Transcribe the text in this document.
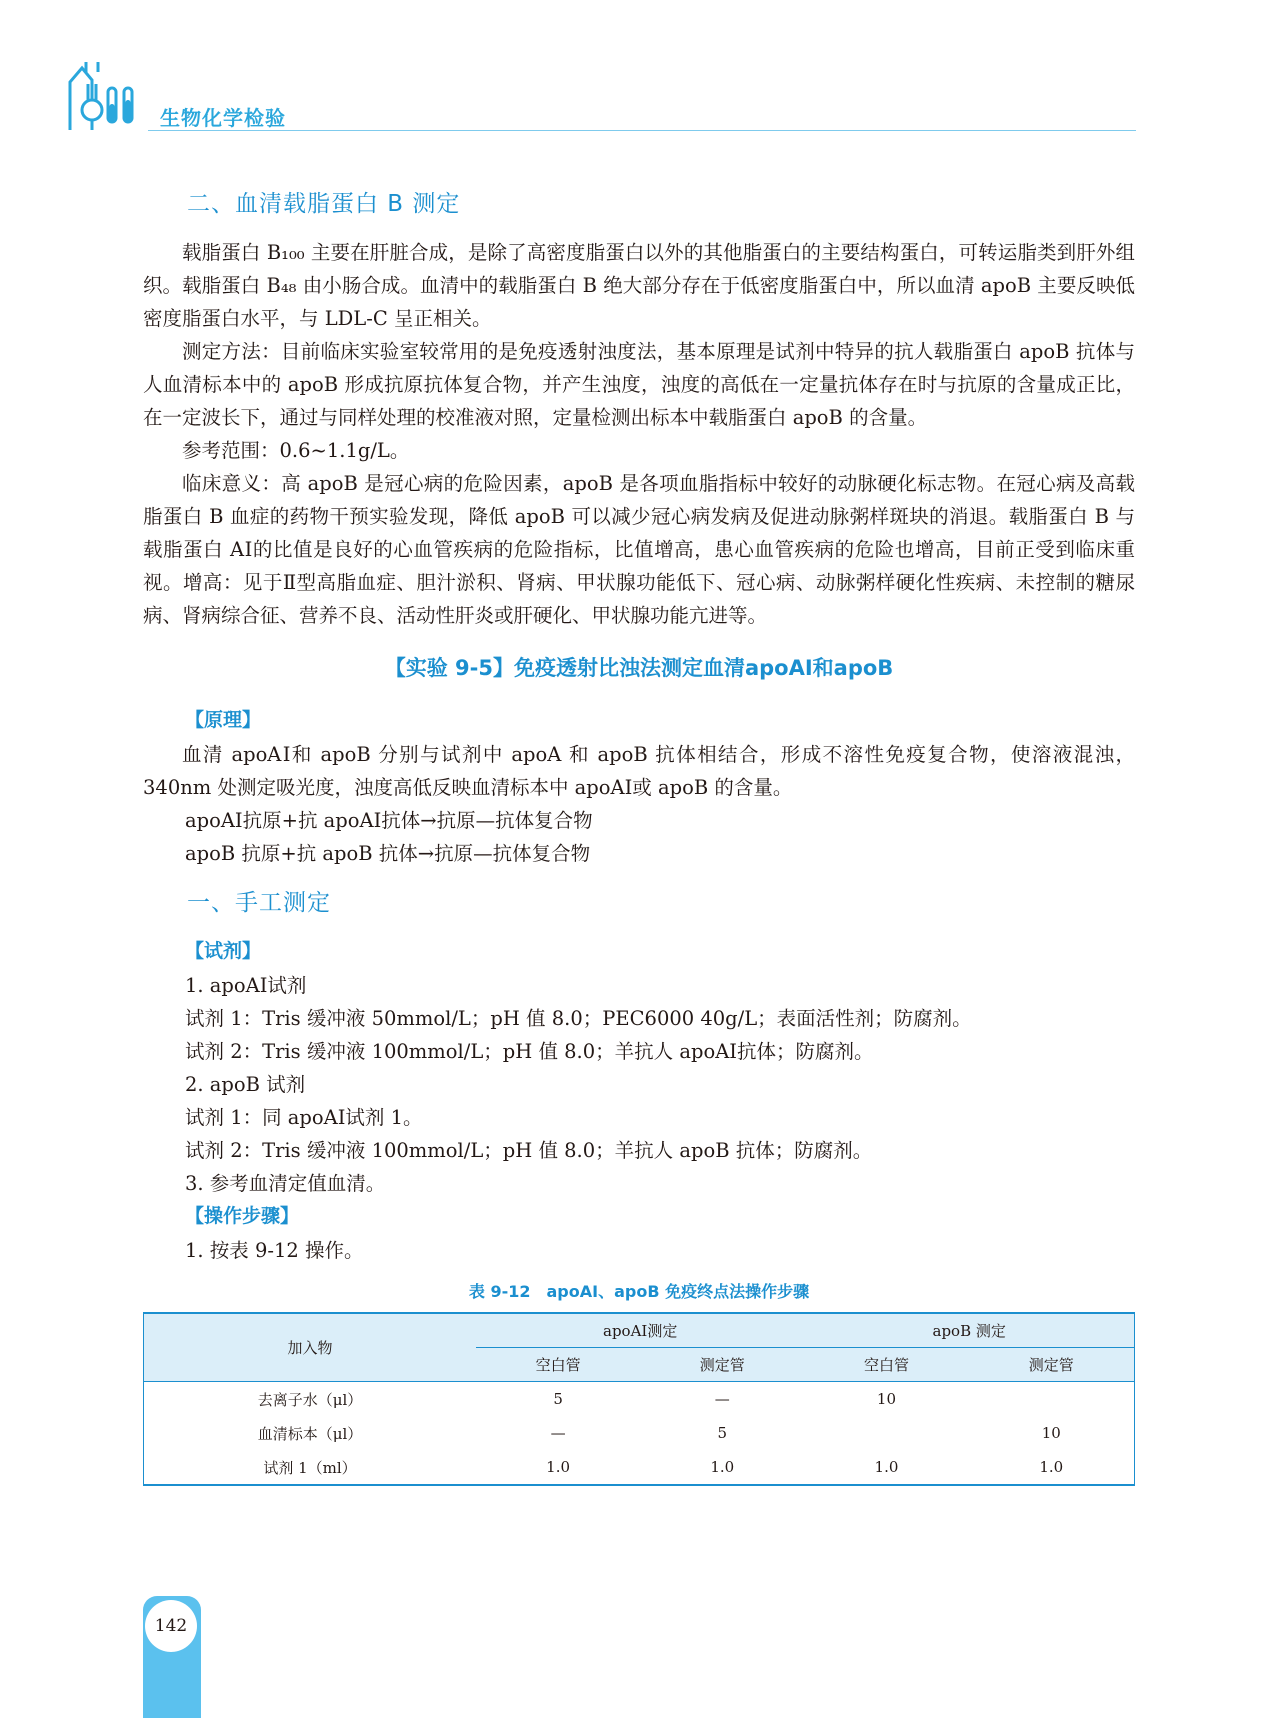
生物化学检验
二、血清载脂蛋白 B 测定

载脂蛋白 B₁₀₀ 主要在肝脏合成，是除了高密度脂蛋白以外的其他脂蛋白的主要结构蛋白，可转运脂类到肝外组织。载脂蛋白 B₄₈ 由小肠合成。血清中的载脂蛋白 B 绝大部分存在于低密度脂蛋白中，所以血清 apoB 主要反映低密度脂蛋白水平，与 LDL-C 呈正相关。

测定方法：目前临床实验室较常用的是免疫透射浊度法，基本原理是试剂中特异的抗人载脂蛋白 apoB 抗体与人血清标本中的 apoB 形成抗原抗体复合物，并产生浊度，浊度的高低在一定量抗体存在时与抗原的含量成正比，在一定波长下，通过与同样处理的校准液对照，定量检测出标本中载脂蛋白 apoB 的含量。

参考范围：0.6~1.1g/L。

临床意义：高 apoB 是冠心病的危险因素，apoB 是各项血脂指标中较好的动脉硬化标志物。在冠心病及高载脂蛋白 B 血症的药物干预实验发现，降低 apoB 可以减少冠心病发病及促进动脉粥样斑块的消退。载脂蛋白 B 与载脂蛋白 AⅠ的比值是良好的心血管疾病的危险指标，比值增高，患心血管疾病的危险也增高，目前正受到临床重视。增高：见于Ⅱ型高脂血症、胆汁淤积、肾病、甲状腺功能低下、冠心病、动脉粥样硬化性疾病、未控制的糖尿病、肾病综合征、营养不良、活动性肝炎或肝硬化、甲状腺功能亢进等。

【实验 9-5】免疫透射比浊法测定血清apoAⅠ和apoB
【原理】

血清 apoAⅠ和 apoB 分别与试剂中 apoA 和 apoB 抗体相结合，形成不溶性免疫复合物，使溶液混浊，340nm 处测定吸光度，浊度高低反映血清标本中 apoAⅠ或 apoB 的含量。

apoAⅠ抗原+抗 apoAⅠ抗体→抗原—抗体复合物

apoB 抗原+抗 apoB 抗体→抗原—抗体复合物

一、手工测定
【试剂】

1. apoAⅠ试剂

试剂 1：Tris 缓冲液 50mmol/L；pH 值 8.0；PEC6000 40g/L；表面活性剂；防腐剂。

试剂 2：Tris 缓冲液 100mmol/L；pH 值 8.0；羊抗人 apoAⅠ抗体；防腐剂。

2. apoB 试剂

试剂 1：同 apoAⅠ试剂 1。

试剂 2：Tris 缓冲液 100mmol/L；pH 值 8.0；羊抗人 apoB 抗体；防腐剂。

3. 参考血清定值血清。

【操作步骤】

1. 按表 9-12 操作。

表 9-12　apoAⅠ、apoB 免疫终点法操作步骤
加入物	apoAⅠ测定		apoB 测定	
	空白管	测定管	空白管	测定管
去离子水（μl）	5	—	10	
血清标本（μl）	—	5		10
试剂 1（ml）	1.0	1.0	1.0	1.0
142
